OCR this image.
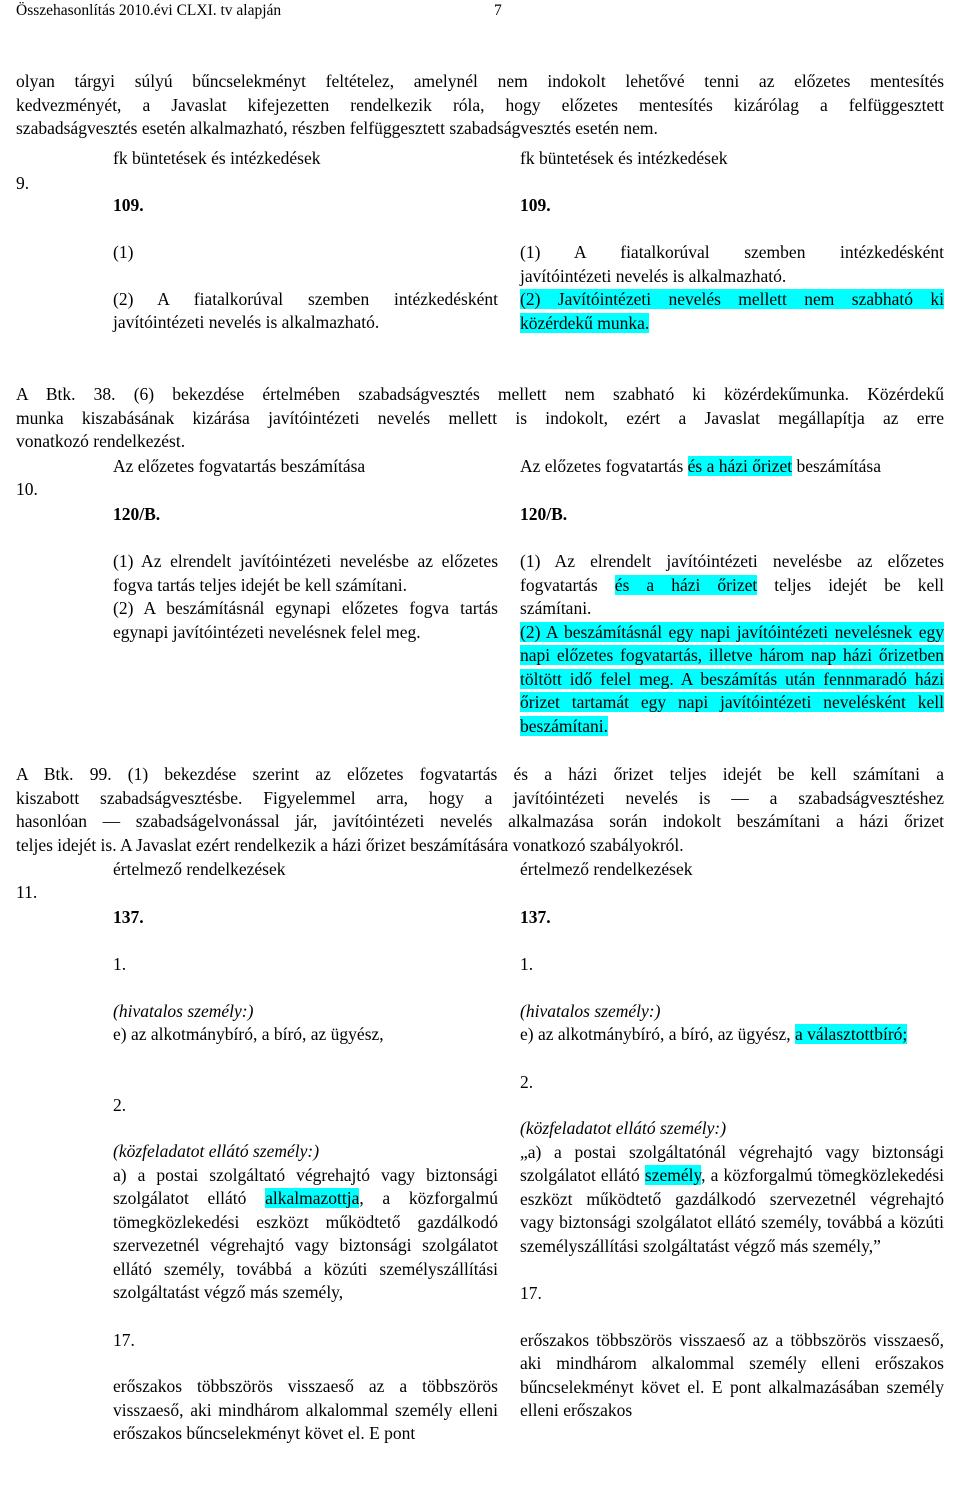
Összehasonlítás 2010.évi CLXI. tv alapján	7
olyan tárgyi súlyú bűncselekményt feltételez, amelynél nem indokolt lehetővé tenni az előzetes mentesítés
kedvezményét, a Javaslat kifejezetten rendelkezik róla, hogy előzetes mentesítés kizárólag a felfüggesztett
szabadságvesztés esetén alkalmazható, részben felfüggesztett szabadságvesztés esetén nem.
9.
fk büntetések és intézkedések
109.
(1)
(2) A fiatalkorúval szemben intézkedésként
javítóintézeti nevelés is alkalmazható.
fk büntetések és intézkedések
109.
(1) A fiatalkorúval szemben intézkedésként
javítóintézeti nevelés is alkalmazható.
(2) Javítóintézeti nevelés mellett nem szabható ki
közérdekű munka.
A Btk. 38. (6) bekezdése értelmében szabadságvesztés mellett nem szabható ki közérdekűmunka. Közérdekű
munka kiszabásának kizárása javítóintézeti nevelés mellett is indokolt, ezért a Javaslat megállapítja az erre
vonatkozó rendelkezést.
10.
Az előzetes fogvatartás beszámítása
120/B.
(1) Az elrendelt javítóintézeti nevelésbe az előzetes fogva tartás teljes idejét be kell számítani.
(2) A beszámításnál egynapi előzetes fogva tartás egynapi javítóintézeti nevelésnek felel meg.
Az előzetes fogvatartás és a házi őrizet beszámítása
120/B.
(1) Az elrendelt javítóintézeti nevelésbe az előzetes
fogvatartás és a házi őrizet teljes idejét be kell
számítani.
(2) A beszámításnál egy napi javítóintézeti nevelésnek egy napi előzetes fogvatartás, illetve három nap házi őrizetben töltött idő felel meg. A beszámítás után fennmaradó házi őrizet tartamát egy napi javítóintézeti nevelésként kell beszámítani.
A Btk. 99. (1) bekezdése szerint az előzetes fogvatartás és a házi őrizet teljes idejét be kell számítani a
kiszabott szabadságvesztésbe. Figyelemmel arra, hogy a javítóintézeti nevelés is — a szabadságvesztéshez
hasonlóan — szabadságelvonással jár, javítóintézeti nevelés alkalmazása során indokolt beszámítani a házi őrizet
teljes idejét is. A Javaslat ezért rendelkezik a házi őrizet beszámítására vonatkozó szabályokról.
11.
értelmező rendelkezések
137.
1.
(hivatalos személy:)
e) az alkotmánybíró, a bíró, az ügyész,
2.
(közfeladatot ellátó személy:)
a) a postai szolgáltató végrehajtó vagy biztonsági szolgálatot ellátó alkalmazottja, a közforgalmú tömegközlekedési eszközt működtető gazdálkodó szervezetnél végrehajtó vagy biztonsági szolgálatot ellátó személy, továbbá a közúti személyszállítási szolgáltatást végző más személy,
17.
erőszakos többszörös visszaeső az a többszörös visszaeső, aki mindhárom alkalommal személy elleni erőszakos bűncselekményt követ el. E pont
értelmező rendelkezések
137.
1.
(hivatalos személy:)
e) az alkotmánybíró, a bíró, az ügyész, a választottbíró;
2.
(közfeladatot ellátó személy:)
„a) a postai szolgáltatónál végrehajtó vagy biztonsági szolgálatot ellátó személy, a közforgalmú tömegközlekedési eszközt működtető gazdálkodó szervezetnél végrehajtó vagy biztonsági szolgálatot ellátó személy, továbbá a közúti személyszállítási szolgáltatást végző más személy,”
17.
erőszakos többszörös visszaeső az a többszörös visszaeső, aki mindhárom alkalommal személy elleni erőszakos bűncselekményt követ el. E pont alkalmazásában személy elleni erőszakos
